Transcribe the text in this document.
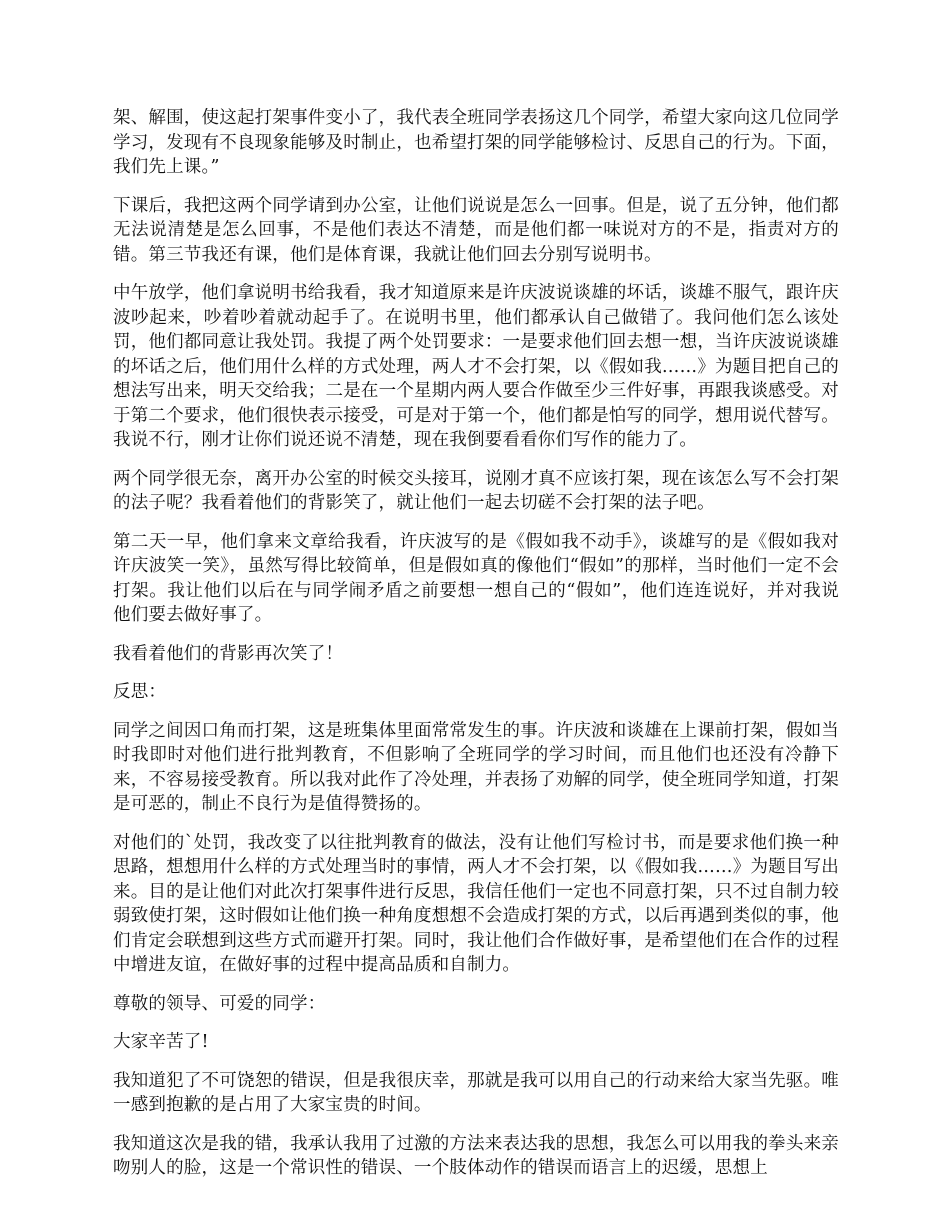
架、解围，使这起打架事件变小了，我代表全班同学表扬这几个同学，希望大家向这几位同学学习，发现有不良现象能够及时制止，也希望打架的同学能够检讨、反思自己的行为。下面，我们先上课。”

下课后，我把这两个同学请到办公室，让他们说说是怎么一回事。但是，说了五分钟，他们都无法说清楚是怎么回事，不是他们表达不清楚，而是他们都一味说对方的不是，指责对方的错。第三节我还有课，他们是体育课，我就让他们回去分别写说明书。

中午放学，他们拿说明书给我看，我才知道原来是许庆波说谈雄的坏话，谈雄不服气，跟许庆波吵起来，吵着吵着就动起手了。在说明书里，他们都承认自己做错了。我问他们怎么该处罚，他们都同意让我处罚。我提了两个处罚要求：一是要求他们回去想一想，当许庆波说谈雄的坏话之后，他们用什么样的方式处理，两人才不会打架，以《假如我……》为题目把自己的想法写出来，明天交给我；二是在一个星期内两人要合作做至少三件好事，再跟我谈感受。对于第二个要求，他们很快表示接受，可是对于第一个，他们都是怕写的同学，想用说代替写。我说不行，刚才让你们说还说不清楚，现在我倒要看看你们写作的能力了。

两个同学很无奈，离开办公室的时候交头接耳，说刚才真不应该打架，现在该怎么写不会打架的法子呢？我看着他们的背影笑了，就让他们一起去切磋不会打架的法子吧。

第二天一早，他们拿来文章给我看，许庆波写的是《假如我不动手》，谈雄写的是《假如我对许庆波笑一笑》，虽然写得比较简单，但是假如真的像他们“假如”的那样，当时他们一定不会打架。我让他们以后在与同学闹矛盾之前要想一想自己的“假如”，他们连连说好，并对我说他们要去做好事了。

我看着他们的背影再次笑了！

反思：

同学之间因口角而打架，这是班集体里面常常发生的事。许庆波和谈雄在上课前打架，假如当时我即时对他们进行批判教育，不但影响了全班同学的学习时间，而且他们也还没有冷静下来，不容易接受教育。所以我对此作了冷处理，并表扬了劝解的同学，使全班同学知道，打架是可恶的，制止不良行为是值得赞扬的。

对他们的`处罚，我改变了以往批判教育的做法，没有让他们写检讨书，而是要求他们换一种思路，想想用什么样的方式处理当时的事情，两人才不会打架，以《假如我……》为题目写出来。目的是让他们对此次打架事件进行反思，我信任他们一定也不同意打架，只不过自制力较弱致使打架，这时假如让他们换一种角度想想不会造成打架的方式，以后再遇到类似的事，他们肯定会联想到这些方式而避开打架。同时，我让他们合作做好事，是希望他们在合作的过程中增进友谊，在做好事的过程中提高品质和自制力。

尊敬的领导、可爱的同学：

大家辛苦了!

我知道犯了不可饶恕的错误，但是我很庆幸，那就是我可以用自己的行动来给大家当先驱。唯一感到抱歉的是占用了大家宝贵的时间。

我知道这次是我的错，我承认我用了过激的方法来表达我的思想，我怎么可以用我的拳头来亲吻别人的脸，这是一个常识性的错误、一个肢体动作的错误而语言上的迟缓，思想上
